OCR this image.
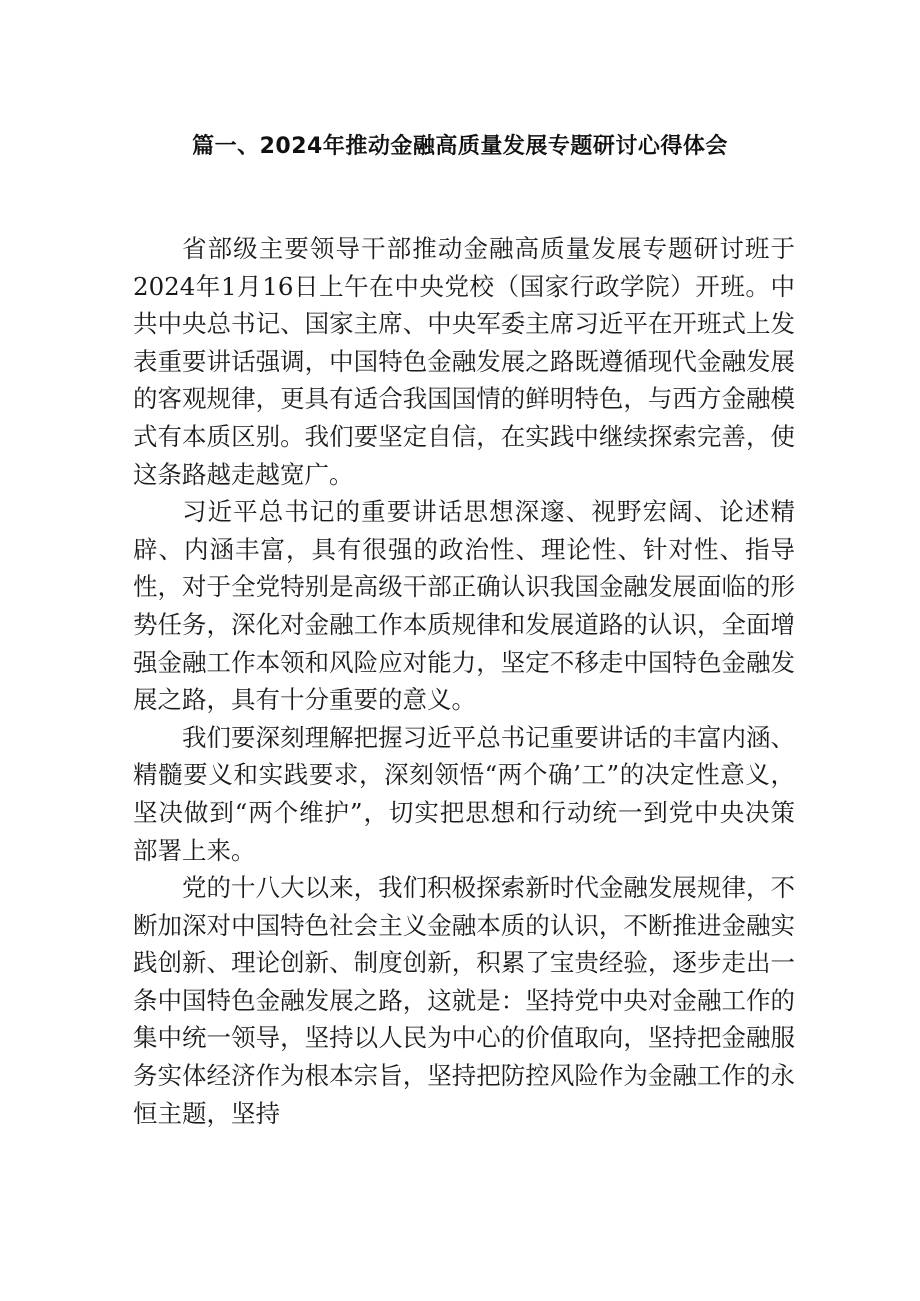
篇一、2024年推动金融高质量发展专题研讨心得体会

省部级主要领导干部推动金融高质量发展专题研讨班于2024年1月16日上午在中央党校（国家行政学院）开班。中共中央总书记、国家主席、中央军委主席习近平在开班式上发表重要讲话强调，中国特色金融发展之路既遵循现代金融发展的客观规律，更具有适合我国国情的鲜明特色，与西方金融模式有本质区别。我们要坚定自信，在实践中继续探索完善，使这条路越走越宽广。

习近平总书记的重要讲话思想深邃、视野宏阔、论述精辟、内涵丰富，具有很强的政治性、理论性、针对性、指导性，对于全党特别是高级干部正确认识我国金融发展面临的形势任务，深化对金融工作本质规律和发展道路的认识，全面增强金融工作本领和风险应对能力，坚定不移走中国特色金融发展之路，具有十分重要的意义。

我们要深刻理解把握习近平总书记重要讲话的丰富内涵、精髓要义和实践要求，深刻领悟“两个确’工”的决定性意义，坚决做到“两个维护”，切实把思想和行动统一到党中央决策部署上来。

党的十八大以来，我们积极探索新时代金融发展规律，不断加深对中国特色社会主义金融本质的认识，不断推进金融实践创新、理论创新、制度创新，积累了宝贵经验，逐步走出一条中国特色金融发展之路，这就是：坚持党中央对金融工作的集中统一领导，坚持以人民为中心的价值取向，坚持把金融服务实体经济作为根本宗旨，坚持把防控风险作为金融工作的永恒主题，坚持
